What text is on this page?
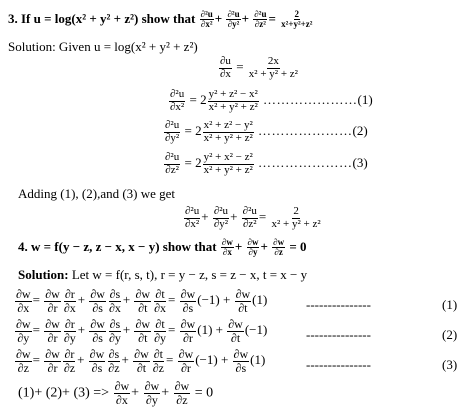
3. If u = log(x² + y² + z²) show that $\frac{\text{∂²u}}{\text{∂x²}} + \frac{\text{∂²u}}{\text{∂y²}} + \frac{\text{∂²u}}{\text{∂z²}} = \frac{2}{\text{x²+y²+z²}}$
Solution: Given u = log(x² + y² + z²)
$\frac{\partial u}{\partial x} = \frac{2x}{\text{x² + y² + z²}}$
$\frac{\text{∂²u}}{\text{∂x²}} = 2 \frac{\text{y² + z² − x²}}{\text{x² + y² + z²}}$ …………………(1)
$\frac{\text{∂²u}}{\text{∂y²}} = 2 \frac{\text{x² + z² − y²}}{\text{x² + y² + z²}}$ …………………(2)
$\frac{\text{∂²u}}{\text{∂z²}} = 2 \frac{\text{y² + x² − z²}}{\text{x² + y² + z²}}$ …………………(3)
Adding (1), (2),and (3) we get
$\frac{\text{∂²u}}{\text{∂x²}} + \frac{\text{∂²u}}{\text{∂y²}} + \frac{\text{∂²u}}{\text{∂z²}} = \frac{2}{\text{x² + y² + z²}}$
4. w = f(y − z, z − x, x − y) show that $\frac{\partial w}{\partial x} + \frac{\partial w}{\partial y} + \frac{\partial w}{\partial z} = 0$
Solution: Let w = f(r, s, t), r = y − z, s = z − x, t = x − y
$\frac{\partial w}{\partial x} = \frac{\partial w}{\partial r} \frac{\partial r}{\partial x} + \frac{\partial w}{\partial s} \frac{\partial s}{\partial x} + \frac{\partial w}{\partial t} \frac{\partial t}{\partial x} = \frac{\partial w}{\partial s} (-1) + \frac{\partial w}{\partial t} (1)$	---------------	(1)
$\frac{\partial w}{\partial y} = \frac{\partial w}{\partial r} \frac{\partial r}{\partial y} + \frac{\partial w}{\partial s} \frac{\partial s}{\partial y} + \frac{\partial w}{\partial t} \frac{\partial t}{\partial y} = \frac{\partial w}{\partial r} (1) + \frac{\partial w}{\partial t} (-1)$	---------------	(2)
$\frac{\partial w}{\partial z} = \frac{\partial w}{\partial r} \frac{\partial r}{\partial z} + \frac{\partial w}{\partial s} \frac{\partial s}{\partial z} + \frac{\partial w}{\partial t} \frac{\partial t}{\partial z} = \frac{\partial w}{\partial r} (-1) + \frac{\partial w}{\partial s} (1)$	---------------	(3)
$(1)+ (2)+ (3) => \frac{\partial w}{\partial x} + \frac{\partial w}{\partial y} + \frac{\partial w}{\partial z} = 0$
